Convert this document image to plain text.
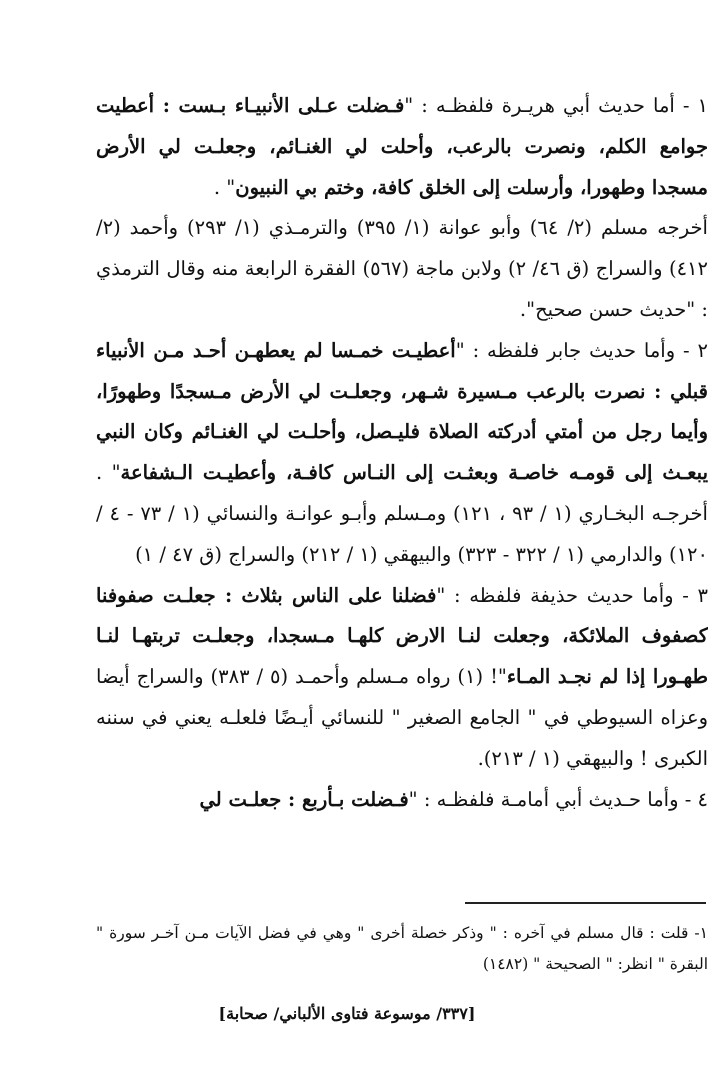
١ - أما حديث أبي هريـرة فلفظـه : "فـضلت عـلى الأنبيـاء بـست : أعطيت جوامع الكلم، ونصرت بالرعب، وأحلت لي الغنـائم، وجعلـت لي الأرض مسجدا وطهورا، وأرسلت إلى الخلق كافة، وختم بي النبيون" .

أخرجه مسلم (٢/ ٦٤) وأبو عوانة (١/ ٣٩٥) والترمـذي (١/ ٢٩٣) وأحمد (٢/ ٤١٢) والسراج (ق ٤٦/ ٢) ولابن ماجة (٥٦٧) الفقرة الرابعة منه وقال الترمذي : "حديث حسن صحيح".

٢ - وأما حديث جابر فلفظه : "أعطيـت خمـسا لم يعطهـن أحـد مـن الأنبياء قبلي : نصرت بالرعب مـسيرة شـهر، وجعلـت لي الأرض مـسجدًا وطهورًا، وأيما رجل من أمتي أدركته الصلاة فليـصل، وأحلـت لي الغنـائم وكان النبي يبعـث إلى قومـه خاصـة وبعثـت إلى النـاس كافـة، وأعطيـت الـشفاعة" . أخرجـه البخـاري (١ / ٩٣ ، ١٢١) ومـسلم وأبـو عوانـة والنسائي (١ / ٧٣ - ٤ / ١٢٠) والدارمي (١ / ٣٢٢ - ٣٢٣) والبيهقي (١ / ٢١٢) والسراج (ق ٤٧ / ١)

٣ - وأما حديث حذيفة فلفظه : "فضلنا على الناس بثلاث : جعلـت صفوفنا كصفوف الملائكة، وجعلت لنـا الارض كلهـا مـسجدا، وجعلـت تربتهـا لنـا طهـورا إذا لم نجـد المـاء"! (١) رواه مـسلم وأحمـد (٥ / ٣٨٣) والسراج أيضا وعزاه السيوطي في " الجامع الصغير " للنسائي أيـضًا فلعلـه يعني في سننه الكبرى ! والبيهقي (١ / ٢١٣).

٤ - وأما حـديث أبي أمامـة فلفظـه : "فـضلت بـأربع : جعلـت لي

١- قلت : قال مسلم في آخره : " وذكر خصلة أخرى " وهي في فضل الآيات مـن آخـر سورة " البقرة " انظر: " الصحيحة " (١٤٨٢)

[٣٣٧/ موسوعة فتاوى الألباني/ صحابة]
